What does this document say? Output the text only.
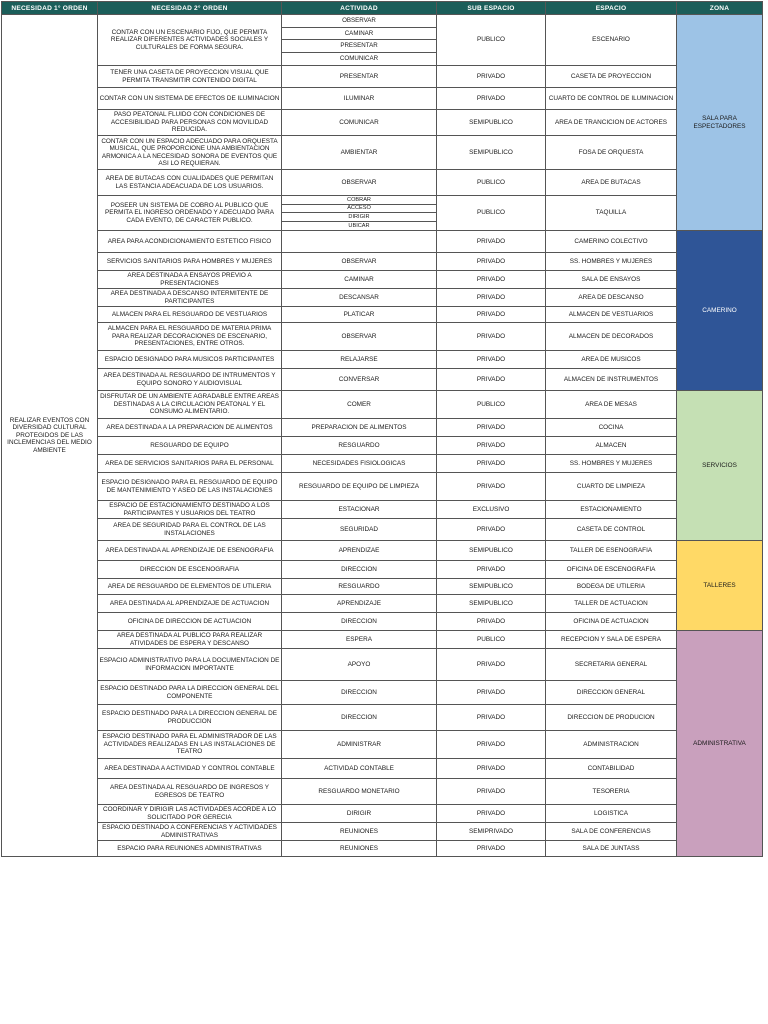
NECESIDAD 1° ORDEN	NECESIDAD 2° ORDEN	ACTIVIDAD	SUB ESPACIO	ESPACIO	ZONA
REALIZAR EVENTOS CON DIVERSIDAD CULTURAL PROTEGIDOS DE LAS INCLEMENCIAS DEL MEDIO AMBIENTE	CONTAR CON UN ESCENARIO FIJO, QUE PERMITA REALIZAR DIFERENTES ACTIVIDADES SOCIALES Y CULTURALES DE FORMA SEGURA.	OBSERVAR
CAMINAR
PRESENTAR
COMUNICAR	PUBLICO	ESCENARIO	SALA PARA ESPECTADORES
	TENER UNA CASETA DE PROYECCION VISUAL QUE PERMITA TRANSMITIR CONTENIDO DIGITAL	PRESENTAR	PRIVADO	CASETA DE PROYECCION	
	CONTAR CON UN SISTEMA DE EFECTOS DE ILUMINACION	ILUMINAR	PRIVADO	CUARTO DE CONTROL DE ILUMINACION	
	PASO PEATONAL FLUIDO CON CONDICIONES DE ACCESIBILIDAD PARA PERSONAS CON MOVILIDAD REDUCIDA.	COMUNICAR	SEMIPUBLICO	AREA DE TRANCICION DE ACTORES	
	CONTAR CON UN ESPACIO ADECUADO PARA ORQUESTA MUSICAL, QUE PROPORCIONE UNA AMBIENTACION ARMONICA A LA NECESIDAD SONORA DE EVENTOS QUE ASI LO REQUIERAN.	AMBIENTAR	SEMIPUBLICO	FOSA DE ORQUESTA	
	AREA DE BUTACAS CON CUALIDADES QUE PERMITAN LAS ESTANCIA ADEACUADA DE LOS USUARIOS.	OBSERVAR	PUBLICO	AREA DE BUTACAS	
	POSEER UN SISTEMA DE COBRO AL PUBLICO QUE PERMITA EL INGRESO ORDENADO Y ADECUADO PARA CADA EVENTO, DE CARACTER PUBLICO.	COBRAR
ACCESO
DIRIGIR
UBICAR	PUBLICO	TAQUILLA	
	AREA PARA ACONDICIONAMIENTO ESTETICO FISICO		PRIVADO	CAMERINO COLECTIVO	CAMERINO
	SERVICIOS SANITARIOS PARA HOMBRES Y MUJERES	OBSERVAR	PRIVADO	SS. HOMBRES Y MUJERES	
	AREA DESTINADA A ENSAYOS PREVIO A PRESENTACIONES	CAMINAR	PRIVADO	SALA DE ENSAYOS	
	AREA DESTINADA A DESCANSO INTERMITENTE DE PARTICIPANTES	DESCANSAR	PRIVADO	AREA DE DESCANSO	
	ALMACEN PARA EL RESGUARDO DE VESTUARIOS	PLATICAR	PRIVADO	ALMACEN DE VESTUARIOS	
	ALMACEN PARA EL RESGUARDO DE MATERIA PRIMA PARA REALIZAR DECORACIONES DE ESCENARIO, PRESENTACIONES, ENTRE OTROS.	OBSERVAR	PRIVADO	ALMACEN DE DECORADOS	
	ESPACIO DESIGNADO PARA MUSICOS PARTICIPANTES	RELAJARSE	PRIVADO	AREA DE MUSICOS	
	AREA DESTINADA AL RESGUARDO DE INTRUMENTOS Y EQUIPO SONORO Y AUDIOVISUAL	CONVERSAR	PRIVADO	ALMACEN DE INSTRUMENTOS	
	DISFRUTAR DE UN AMBIENTE AGRADABLE ENTRE AREAS DESTINADAS A LA CIRCULACION PEATONAL Y EL CONSUMO ALIMENTARIO.	COMER	PUBLICO	AREA DE MESAS	SERVICIOS
	AREA DESTINADA A LA PREPARACION DE ALIMENTOS	PREPARACION DE ALIMENTOS	PRIVADO	COCINA	
	RESGUARDO DE EQUIPO	RESGUARDO	PRIVADO	ALMACEN	
	AREA DE SERVICIOS SANITARIOS PARA EL PERSONAL	NECESIDADES FISIOLOGICAS	PRIVADO	SS. HOMBRES Y MUJERES	
	ESPACIO DESIGNADO PARA EL RESGUARDO DE EQUIPO DE MANTENIMIENTO Y ASEO DE LAS INSTALACIONES	RESGUARDO DE EQUIPO DE LIMPIEZA	PRIVADO	CUARTO DE LIMPIEZA	
	ESPACIO DE ESTACIONAMIENTO DESTINADO A LOS PARTICIPANTES Y USUARIOS DEL TEATRO	ESTACIONAR	EXCLUSIVO	ESTACIONAMIENTO	
	AREA DE SEGURIDAD PARA EL CONTROL DE LAS INSTALACIONES	SEGURIDAD	PRIVADO	CASETA DE CONTROL	
	AREA DESTINADA AL APRENDIZAJE DE ESENOGRAFIA	APRENDIZAE	SEMIPUBLICO	TALLER DE ESENOGRAFIA	TALLERES
	DIRECCION DE ESCENOGRAFIA	DIRECCION	PRIVADO	OFICINA DE ESCENOGRAFIA	
	AREA DE RESGUARDO DE ELEMENTOS DE UTILERIA	RESGUARDO	SEMIPUBLICO	BODEGA DE UTILERIA	
	AREA DESTINADA AL APRENDIZAJE DE ACTUACION	APRENDIZAJE	SEMIPUBLICO	TALLER DE ACTUACION	
	OFICINA DE DIRECCION DE ACTUACION	DIRECCION	PRIVADO	OFICINA DE ACTUACION	
	AREA DESTINADA AL PUBLICO PARA REALIZAR ATIVIDADES DE ESPERA Y DESCANSO	ESPERA	PUBLICO	RECEPCION Y SALA DE ESPERA	ADMINISTRATIVA
	ESPACIO ADMINISTRATIVO PARA LA DOCUMENTACION DE INFORMACION IMPORTANTE	APOYO	PRIVADO	SECRETARIA GENERAL	
	ESPACIO DESTINADO PARA LA DIRECCION GENERAL DEL COMPONENTE	DIRECCION	PRIVADO	DIRECCION GENERAL	
	ESPACIO DESTINADO PARA LA DIRECCION GENERAL DE PRODUCCION	DIRECCION	PRIVADO	DIRECCION DE PRODUCION	
	ESPACIO DESTINADO PARA EL ADMINISTRADOR DE LAS ACTIVIDADES REALIZADAS EN LAS INSTALACIONES DE TEATRO	ADMINISTRAR	PRIVADO	ADMINISTRACION	
	AREA DESTINADA A ACTIVIDAD Y CONTROL CONTABLE	ACTIVIDAD CONTABLE	PRIVADO	CONTABILIDAD	
	AREA DESTINADA AL RESGUARDO DE INGRESOS Y EGRESOS DE TEATRO	RESGUARDO MONETARIO	PRIVADO	TESORERIA	
	COORDINAR Y DIRIGIR LAS ACTIVIDADES ACORDE A LO SOLICITADO POR GERECIA	DIRIGIR	PRIVADO	LOGISTICA	
	ESPACIO DESTINADO A CONFERENCIAS Y ACTIVIDADES ADMINISTRATIVAS	REUNIONES	SEMIPRIVADO	SALA DE CONFERENCIAS	
	ESPACIO PARA REUNIONES ADMINISTRATIVAS	REUNIONES	PRIVADO	SALA DE JUNTASS	
